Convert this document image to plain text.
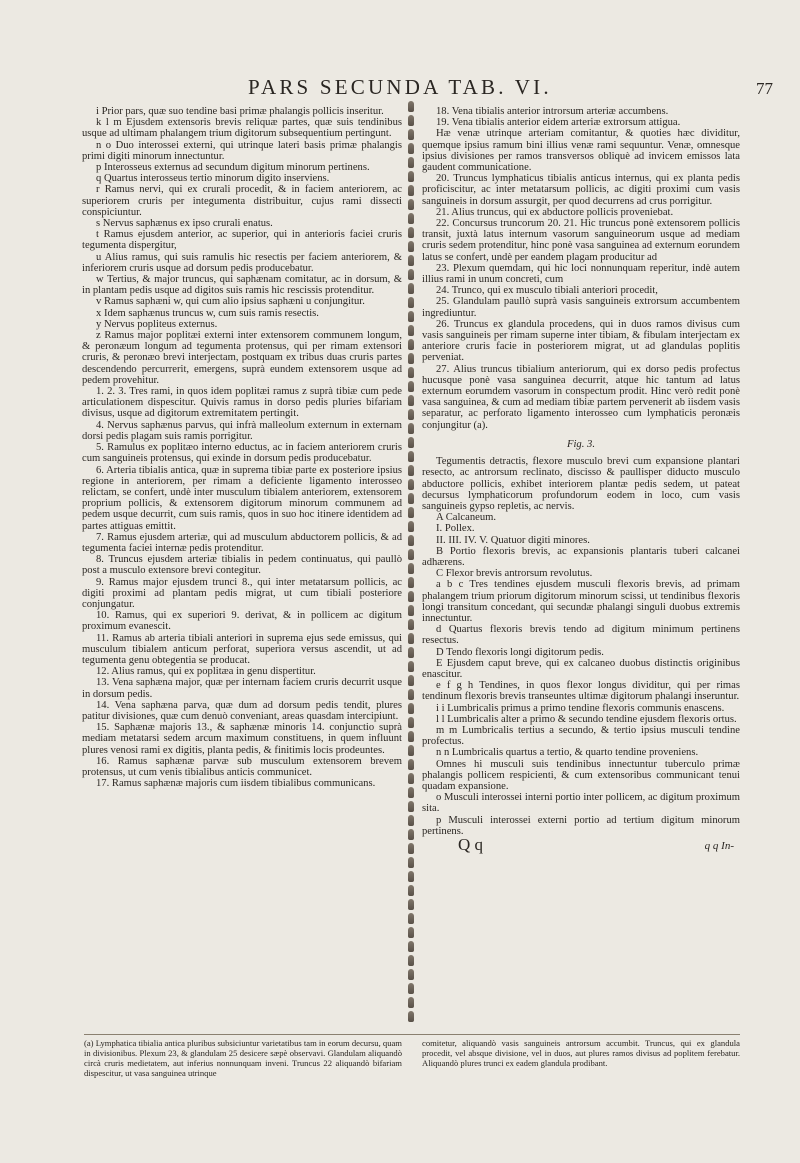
PARS SECUNDA TAB. VI.	77

i Prior pars, quæ suo tendine basi primæ phalangis pollicis inseritur.

k l m Ejusdem extensoris brevis reliquæ partes, quæ suis tendinibus usque ad ultimam phalangem trium digitorum subsequentium pertingunt.

n o Duo interossei externi, qui utrinque lateri basis primæ phalangis primi digiti minorum innectuntur.

p Interosseus externus ad secundum digitum minorum pertinens.

q Quartus interosseus tertio minorum digito inserviens.

r Ramus nervi, qui ex crurali procedit, & in faciem anteriorem, ac superiorem cruris per integumenta distribuitur, cujus rami dissecti conspiciuntur.

s Nervus saphænus ex ipso crurali enatus.

t Ramus ejusdem anterior, ac superior, qui in anterioris faciei cruris tegumenta dispergitur,

u Alius ramus, qui suis ramulis hic resectis per faciem anteriorem, & inferiorem cruris usque ad dorsum pedis producebatur.

w Tertius, & major truncus, qui saphænam comitatur, ac in dorsum, & in plantam pedis usque ad digitos suis ramis hic rescissis protenditur.

v Ramus saphæni w, qui cum alio ipsius saphæni u conjungitur.

x Idem saphænus truncus w, cum suis ramis resectis.

y Nervus popliteus externus.

z Ramus major poplitæi externi inter extensorem communem longum, & peronæum longum ad tegumenta protensus, qui per rimam extensori cruris, & peronæo brevi interjectam, postquam ex tribus duas cruris partes descendendo percurrerit, emergens, suprà eundem extensorem usque ad pedem provehitur.

1. 2. 3. Tres rami, in quos idem poplitæi ramus z suprà tibiæ cum pede articulationem dispescitur. Quivis ramus in dorso pedis pluries bifariam divisus, usque ad digitorum extremitatem pertingit.

4. Nervus saphænus parvus, qui infrà malleolum externum in externam dorsi pedis plagam suis ramis porrigitur.

5. Ramulus ex poplitæo interno eductus, ac in faciem anteriorem cruris cum sanguineis protensus, qui exinde in dorsum pedis producebatur.

6. Arteria tibialis antica, quæ in suprema tibiæ parte ex posteriore ipsius regione in anteriorem, per rimam a deficiente ligamento interosseo relictam, se confert, undè inter musculum tibialem anteriorem, extensorem proprium pollicis, & extensorem digitorum minorum communem ad pedem usque decurrit, cum suis ramis, quos in suo hoc itinere identidem ad partes attiguas emittit.

7. Ramus ejusdem arteriæ, qui ad musculum abductorem pollicis, & ad tegumenta faciei internæ pedis protenditur.

8. Truncus ejusdem arteriæ tibialis in pedem continuatus, qui paullò post a musculo extensore brevi contegitur.

9. Ramus major ejusdem trunci 8., qui inter metatarsum pollicis, ac digiti proximi ad plantam pedis migrat, ut cum tibiali posteriore conjungatur.

10. Ramus, qui ex superiori 9. derivat, & in pollicem ac digitum proximum evanescit.

11. Ramus ab arteria tibiali anteriori in suprema ejus sede emissus, qui musculum tibialem anticum perforat, superiora versus ascendit, ut ad tegumenta genu obtegentia se producat.

12. Alius ramus, qui ex poplitæa in genu dispertitur.

13. Vena saphæna major, quæ per internam faciem cruris decurrit usque in dorsum pedis.

14. Vena saphæna parva, quæ dum ad dorsum pedis tendit, plures patitur divisiones, quæ cum denuò conveniant, areas quasdam intercipiunt.

15. Saphænæ majoris 13., & saphænæ minoris 14. conjunctio suprà mediam metatarsi sedem arcum maximum constituens, in quem influunt plures venosi rami ex digitis, planta pedis, & finitimis locis prodeuntes.

16. Ramus saphænæ parvæ sub musculum extensorem brevem protensus, ut cum venis tibialibus anticis communicet.

17. Ramus saphænæ majoris cum iisdem tibialibus communicans.

18. Vena tibialis anterior introrsum arteriæ accumbens.

19. Vena tibialis anterior eidem arteriæ extrorsum attigua.

Hæ venæ utrinque arteriam comitantur, & quoties hæc dividitur, quemque ipsius ramum bini illius venæ rami sequuntur. Venæ, omnesque ipsius divisiones per ramos transversos obliquè ad invicem emissos lata gaudent communicatione.

20. Truncus lymphaticus tibialis anticus internus, qui ex planta pedis proficiscitur, ac inter metatarsum pollicis, ac digiti proximi cum vasis sanguineis in dorsum assurgit, per quod decurrens ad crus porrigitur.

21. Alius truncus, qui ex abductore pollicis proveniebat.

22. Concursus truncorum 20. 21. Hic truncus ponè extensorem pollicis transit, juxtà latus internum vasorum sanguineorum usque ad mediam cruris sedem protenditur, hinc ponè vasa sanguinea ad externum eorundem latus se confert, undè per eandem plagam producitur ad

23. Plexum quemdam, qui hic loci nonnunquam reperitur, indè autem illius rami in unum concreti, cum

24. Trunco, qui ex musculo tibiali anteriori procedit,

25. Glandulam paullò suprà vasis sanguineis extrorsum accumbentem ingrediuntur.

26. Truncus ex glandula procedens, qui in duos ramos divisus cum vasis sanguineis per rimam superne inter tibiam, & fibulam interjectam ex anteriore cruris facie in posteriorem migrat, ut ad glandulas poplitis perveniat.

27. Alius truncus tibialium anteriorum, qui ex dorso pedis profectus hucusque ponè vasa sanguinea decurrit, atque hic tantum ad latus externum eorumdem vasorum in conspectum prodit. Hinc verò redit ponè vasa sanguinea, & cum ad mediam tibiæ partem pervenerit ab iisdem vasis separatur, ac perforato ligamento interosseo cum lymphaticis peronæis conjungitur (a).

Fig. 3.

Tegumentis detractis, flexore musculo brevi cum expansione plantari resecto, ac antrorsum reclinato, discisso & paullisper diducto musculo abductore pollicis, exhibet interiorem plantæ pedis sedem, ut pateat decursus lymphaticorum profundorum eodem in loco, cum vasis sanguineis gypso repletis, ac nervis.

A Calcaneum.

I. Pollex.

II. III. IV. V. Quatuor digiti minores.

B Portio flexoris brevis, ac expansionis plantaris tuberi calcanei adhærens.

C Flexor brevis antrorsum revolutus.

a b c Tres tendines ejusdem musculi flexoris brevis, ad primam phalangem trium priorum digitorum minorum scissi, ut tendinibus flexoris longi transitum concedant, qui secundæ phalangi singuli duobus extremis innectuntur.

d Quartus flexoris brevis tendo ad digitum minimum pertinens resectus.

D Tendo flexoris longi digitorum pedis.

E Ejusdem caput breve, qui ex calcaneo duobus distinctis originibus enascitur.

e f g h Tendines, in quos flexor longus dividitur, qui per rimas tendinum flexoris brevis transeuntes ultimæ digitorum phalangi inseruntur.

i i Lumbricalis primus a primo tendine flexoris communis enascens.

l l Lumbricalis alter a primo & secundo tendine ejusdem flexoris ortus.

m m Lumbricalis tertius a secundo, & tertio ipsius musculi tendine profectus.

n n Lumbricalis quartus a tertio, & quarto tendine proveniens.

Omnes hi musculi suis tendinibus innectuntur tuberculo primæ phalangis pollicem respicienti, & cum extensoribus communicant tenui quadam expansione.

o Musculi interossei interni portio inter pollicem, ac digitum proximum sita.

p Musculi interossei externi portio ad tertium digitum minorum pertinens.

Q q	q q In-
(a) Lymphatica tibialia antica pluribus subsiciuntur varietatibus tam in eorum decursu, quam in divisionibus. Plexum 23, & glandulam 25 desicere sæpè observavi. Glandulam aliquandò circà cruris medietatem, aut inferius nonnunquam inveni. Truncus 22 aliquandò bifariam dispescitur, ut vasa sanguinea utrinque
comitetur, aliquandò vasis sanguineis antrorsum accumbit. Truncus, qui ex glandula procedit, vel absque divisione, vel in duos, aut plures ramos divisus ad poplitem ferebatur. Aliquandò plures trunci ex eadem glandula prodibant.
